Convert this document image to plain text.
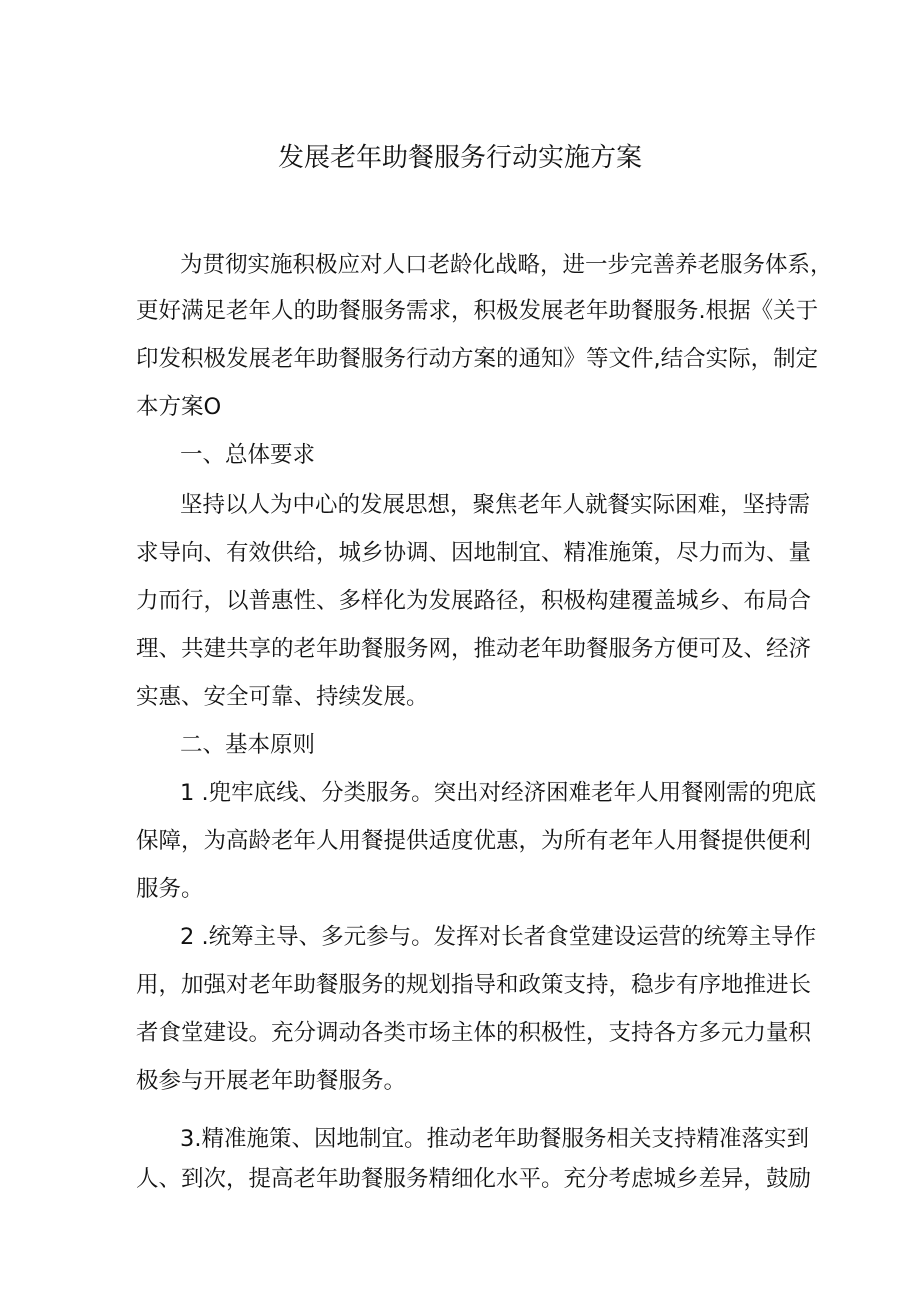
发展老年助餐服务行动实施方案
为贯彻实施积极应对人口老龄化战略，进一步完善养老服务体系，
更好满足老年人的助餐服务需求，积极发展老年助餐服务.根据《关于
印发积极发展老年助餐服务行动方案的通知》等文件,结合实际，制定
本方案O
一、总体要求
坚持以人为中心的发展思想，聚焦老年人就餐实际困难，坚持需
求导向、有效供给，城乡协调、因地制宜、精准施策，尽力而为、量
力而行，以普惠性、多样化为发展路径，积极构建覆盖城乡、布局合
理、共建共享的老年助餐服务网，推动老年助餐服务方便可及、经济
实惠、安全可靠、持续发展。
二、基本原则
1 .兜牢底线、分类服务。突出对经济困难老年人用餐刚需的兜底
保障，为高龄老年人用餐提供适度优惠，为所有老年人用餐提供便利
服务。
2 .统筹主导、多元参与。发挥对长者食堂建设运营的统筹主导作
用，加强对老年助餐服务的规划指导和政策支持，稳步有序地推进长
者食堂建设。充分调动各类市场主体的积极性，支持各方多元力量积
极参与开展老年助餐服务。
3.精准施策、因地制宜。推动老年助餐服务相关支持精准落实到
人、到次，提高老年助餐服务精细化水平。充分考虑城乡差异，鼓励
